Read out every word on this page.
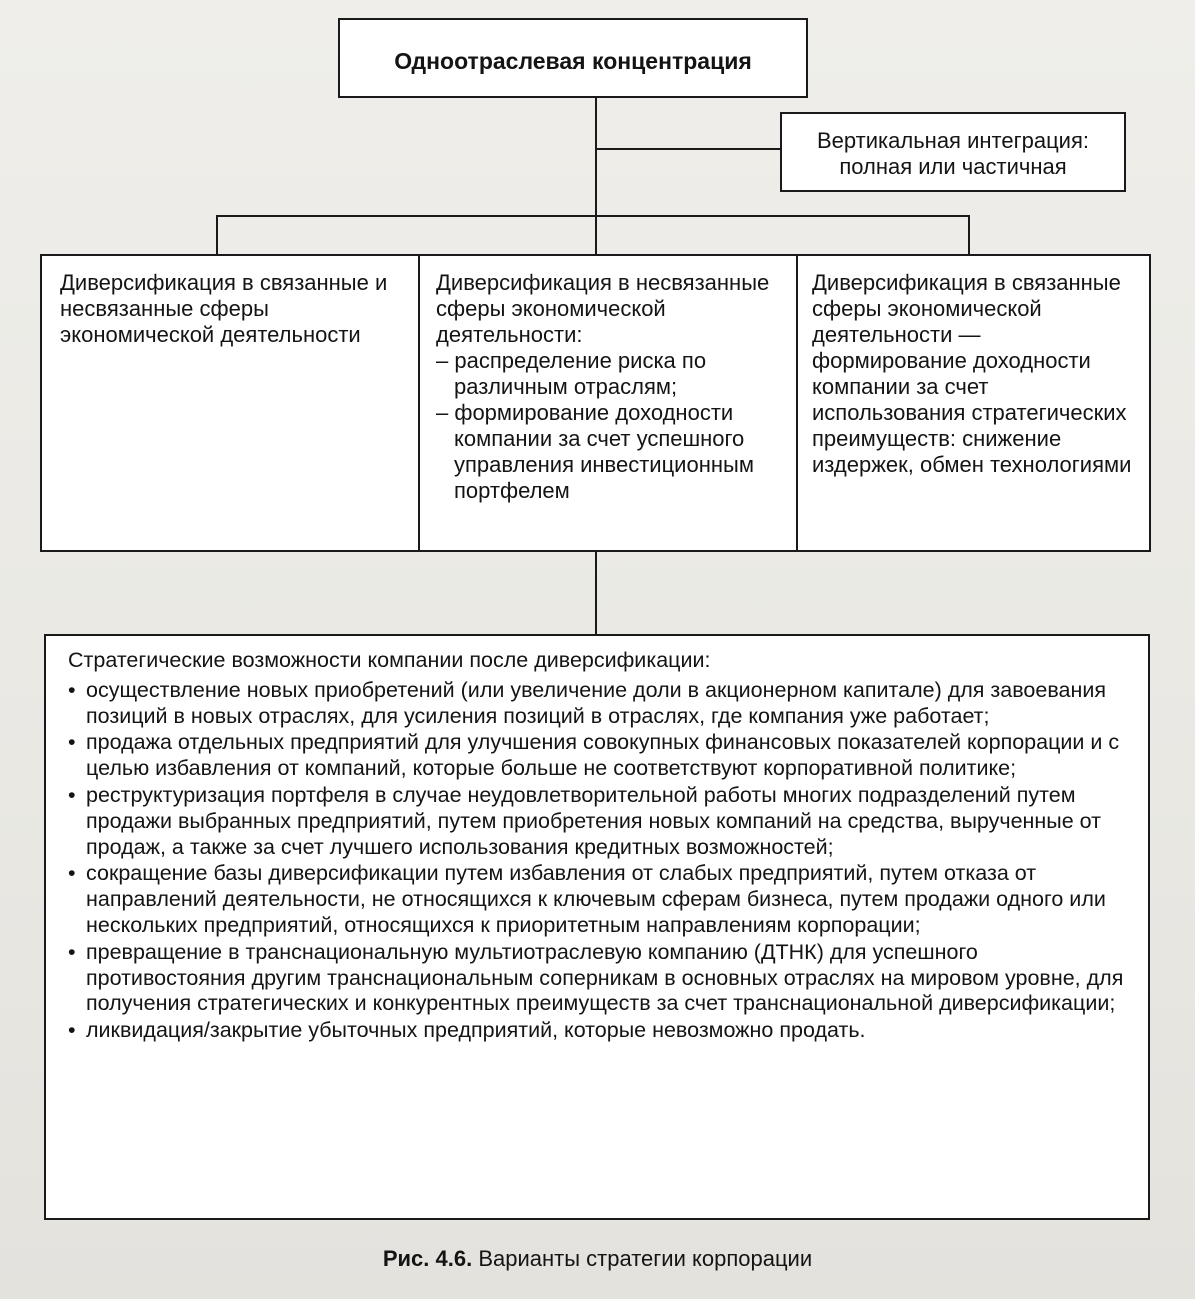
Одноотраслевая концентрация
Вертикальная интеграция: полная или частичная
Диверсификация в связанные и несвязанные сферы экономической деятельности
Диверсификация в несвязанные сферы экономической деятельности:
– распределение риска по различным отраслям;
– формирование доходности компании за счет успешного управления инвестиционным портфелем
Диверсификация в связанные сферы экономической деятельности — формирование доходности компании за счет использования стратегических преимуществ: снижение издержек, обмен технологиями
Стратегические возможности компании после диверсификации:
• осуществление новых приобретений (или увеличение доли в акционерном капитале) для завоевания позиций в новых отраслях, для усиления позиций в отраслях, где компания уже работает;
• продажа отдельных предприятий для улучшения совокупных финансовых показателей корпорации и с целью избавления от компаний, которые больше не соответствуют корпоративной политике;
• реструктуризация портфеля в случае неудовлетворительной работы многих подразделений путем продажи выбранных предприятий, путем приобретения новых компаний на средства, вырученные от продаж, а также за счет лучшего использования кредитных возможностей;
• сокращение базы диверсификации путем избавления от слабых предприятий, путем отказа от направлений деятельности, не относящихся к ключевым сферам бизнеса, путем продажи одного или нескольких предприятий, относящихся к приоритетным направлениям корпорации;
• превращение в транснациональную мультиотраслевую компанию (ДТНК) для успешного противостояния другим транснациональным соперникам в основных отраслях на мировом уровне, для получения стратегических и конкурентных преимуществ за счет транснациональной диверсификации;
• ликвидация/закрытие убыточных предприятий, которые невозможно продать.
Рис. 4.6. Варианты стратегии корпорации
